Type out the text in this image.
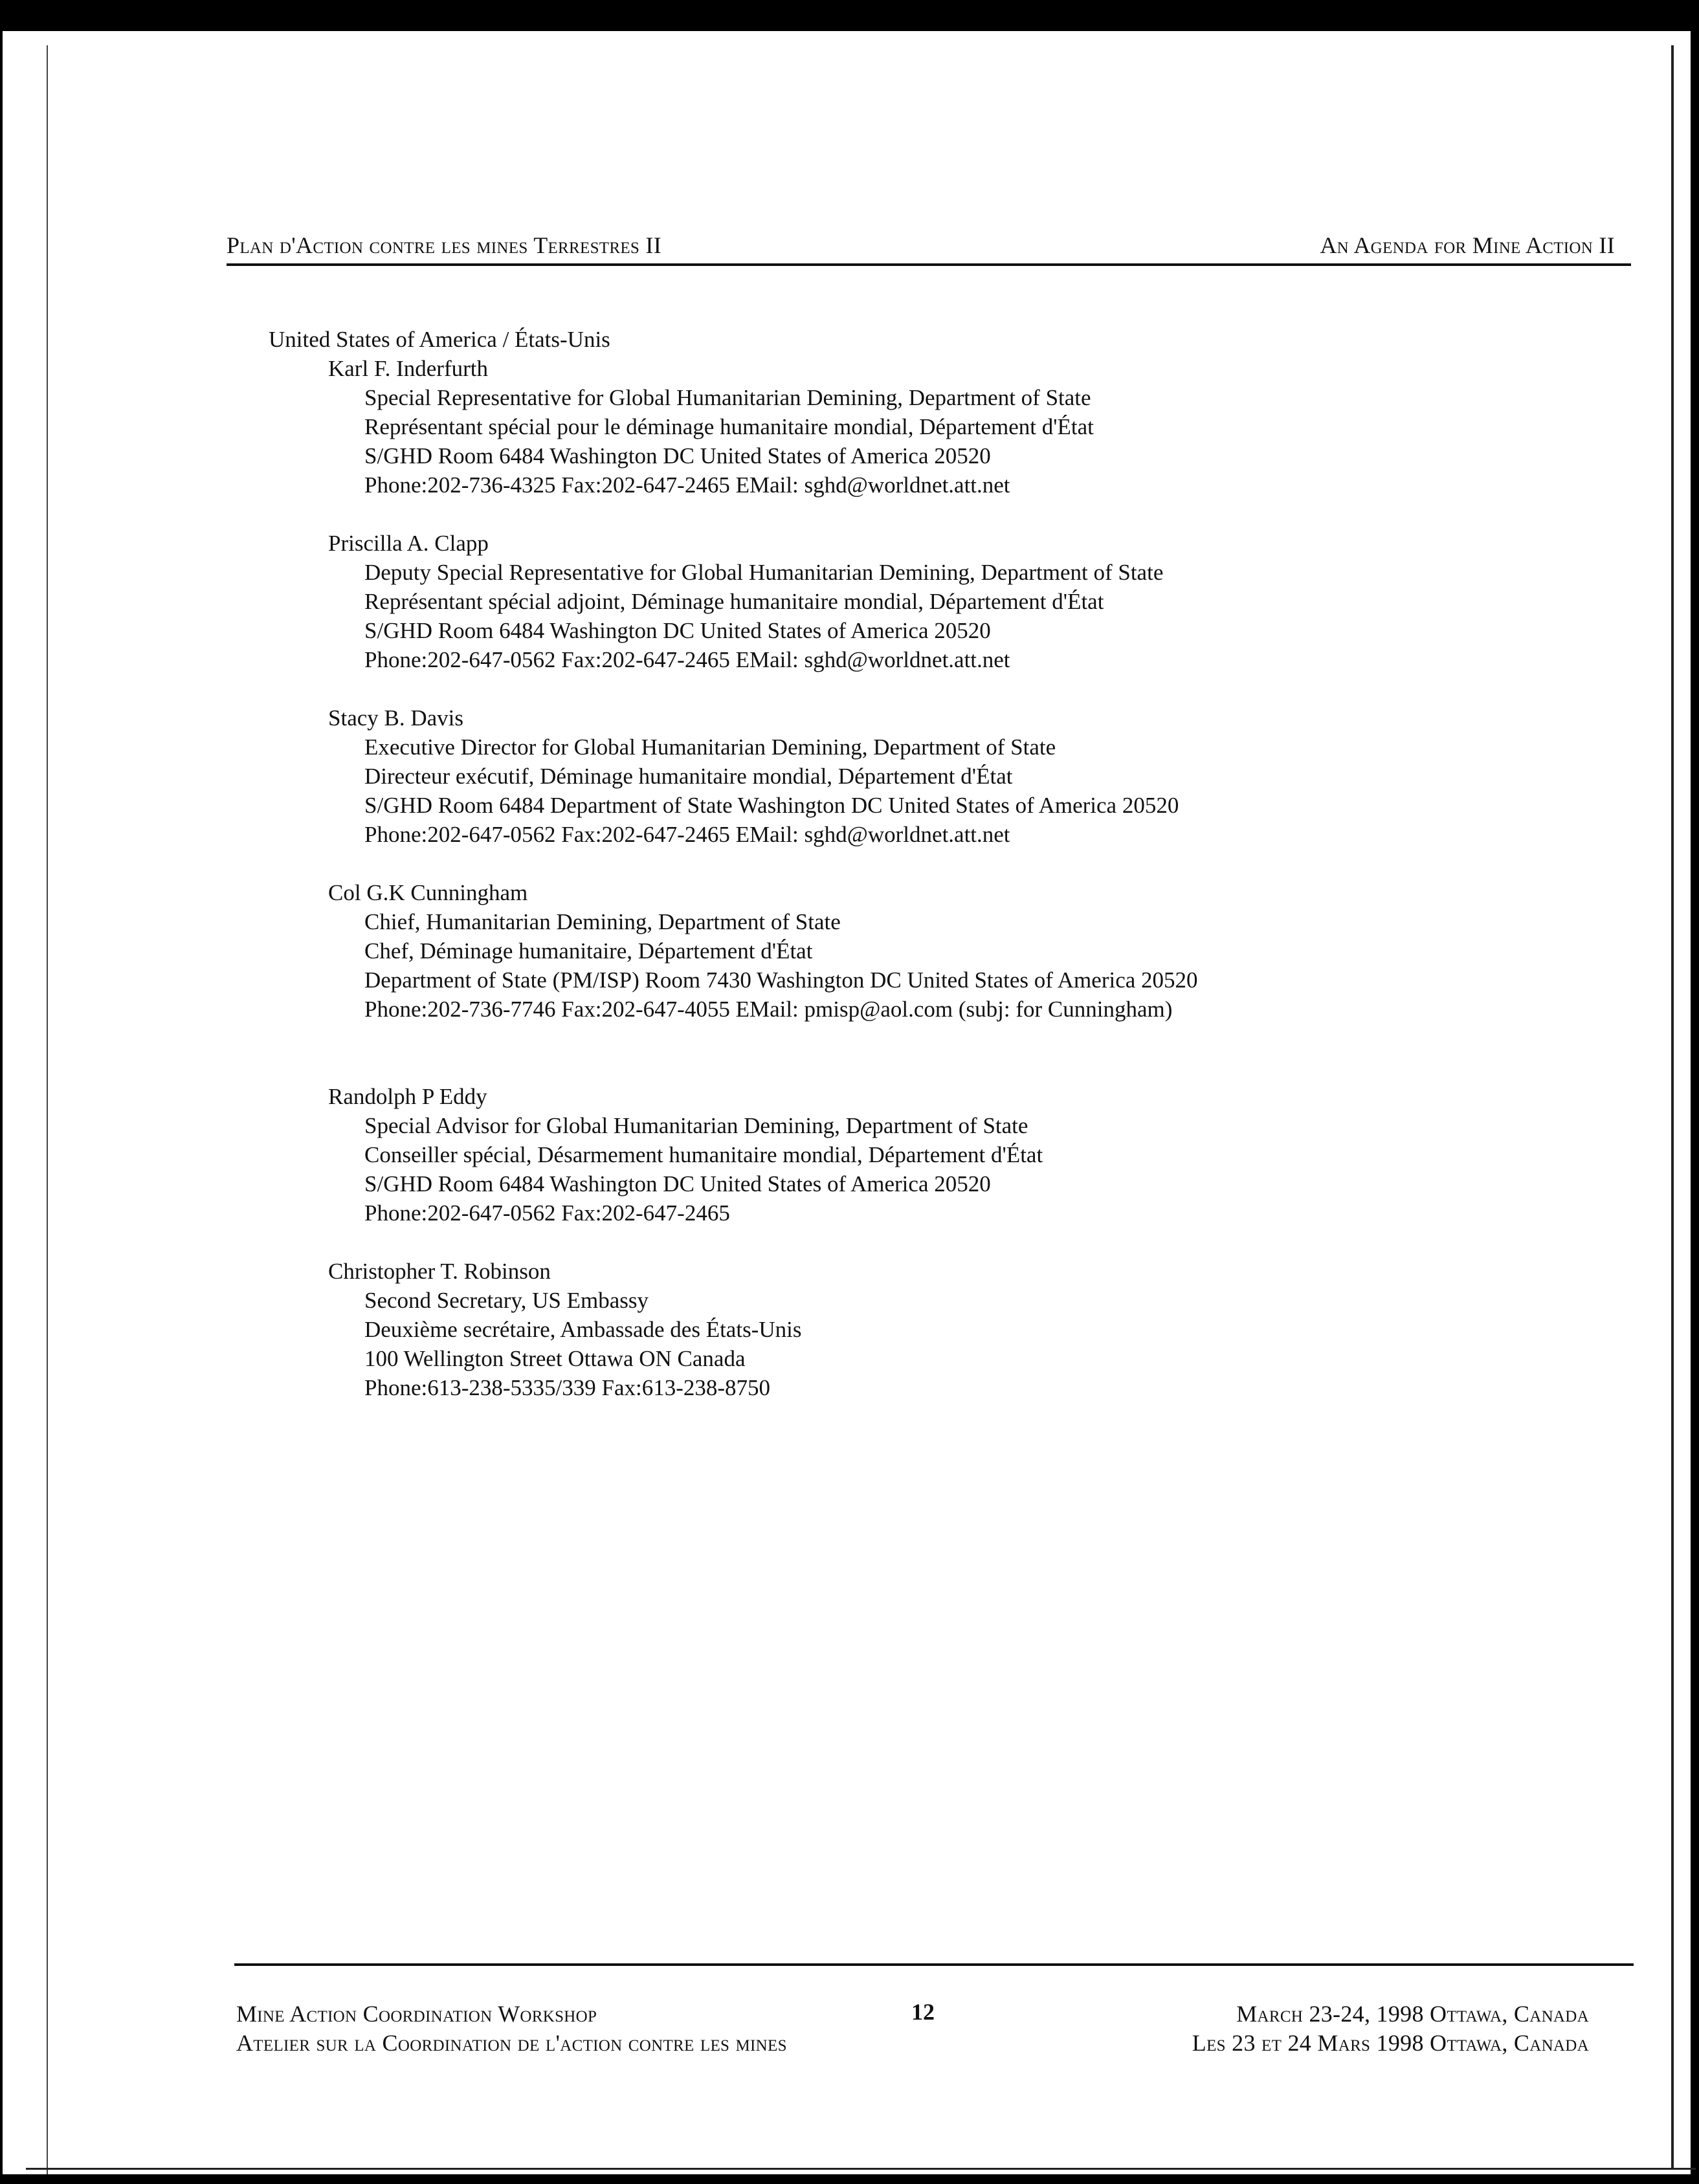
Plan d'Action contre les mines Terrestres II	An Agenda for Mine Action II
United States of America / États-Unis
Karl F. Inderfurth
Special Representative for Global Humanitarian Demining, Department of State
Représentant spécial pour le déminage humanitaire mondial, Département d'État
S/GHD Room 6484 Washington DC United States of America 20520
Phone:202-736-4325 Fax:202-647-2465 EMail: sghd@worldnet.att.net
Priscilla A. Clapp
Deputy Special Representative for Global Humanitarian Demining, Department of State
Représentant spécial adjoint, Déminage humanitaire mondial, Département d'État
S/GHD Room 6484 Washington DC United States of America 20520
Phone:202-647-0562 Fax:202-647-2465 EMail: sghd@worldnet.att.net
Stacy B. Davis
Executive Director for Global Humanitarian Demining, Department of State
Directeur exécutif, Déminage humanitaire mondial, Département d'État
S/GHD Room 6484 Department of State Washington DC United States of America 20520
Phone:202-647-0562 Fax:202-647-2465 EMail: sghd@worldnet.att.net
Col G.K Cunningham
Chief, Humanitarian Demining, Department of State
Chef, Déminage humanitaire, Département d'État
Department of State (PM/ISP) Room 7430 Washington DC United States of America 20520
Phone:202-736-7746 Fax:202-647-4055 EMail: pmisp@aol.com (subj: for Cunningham)
Randolph P Eddy
Special Advisor for Global Humanitarian Demining, Department of State
Conseiller spécial, Désarmement humanitaire mondial, Département d'État
S/GHD Room 6484 Washington DC United States of America 20520
Phone:202-647-0562 Fax:202-647-2465
Christopher T. Robinson
Second Secretary, US Embassy
Deuxième secrétaire, Ambassade des États-Unis
100 Wellington Street Ottawa ON Canada
Phone:613-238-5335/339 Fax:613-238-8750
Mine Action Coordination Workshop
Atelier sur la Coordination de l'action contre les mines
12	March 23-24, 1998 Ottawa, Canada
Les 23 et 24 Mars 1998 Ottawa, Canada
